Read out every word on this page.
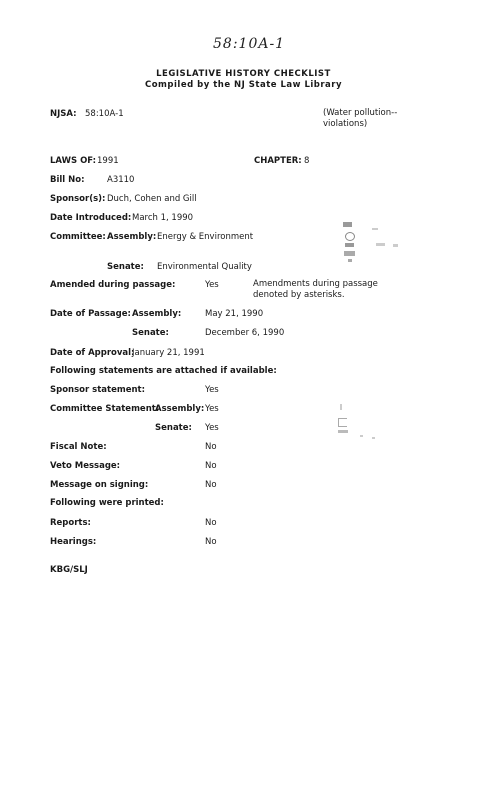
58:10A-1
LEGISLATIVE HISTORY CHECKLIST
Compiled by the NJ State Law Library
NJSA: 58:10A-1	(Water pollution-- violations)
LAWS OF: 1991	CHAPTER: 8
Bill No:	A3110
Sponsor(s): Duch, Cohen and Gill
Date Introduced: March 1, 1990
Committee: Assembly: Energy & Environment
Senate: Environmental Quality
Amended during passage:	Yes	Amendments during passage denoted by asterisks.
Date of Passage: Assembly:	May 21, 1990
Senate:	December 6, 1990
Date of Approval:
January 21, 1991
Following statements are attached if available:
Sponsor statement:	Yes
Committee Statement:
Assembly: Yes
Senate: Yes
Fiscal Note:	No
Veto Message:	No
Message on signing:	No
Following were printed:
Reports:	No
Hearings:	No
KBG/SLJ
